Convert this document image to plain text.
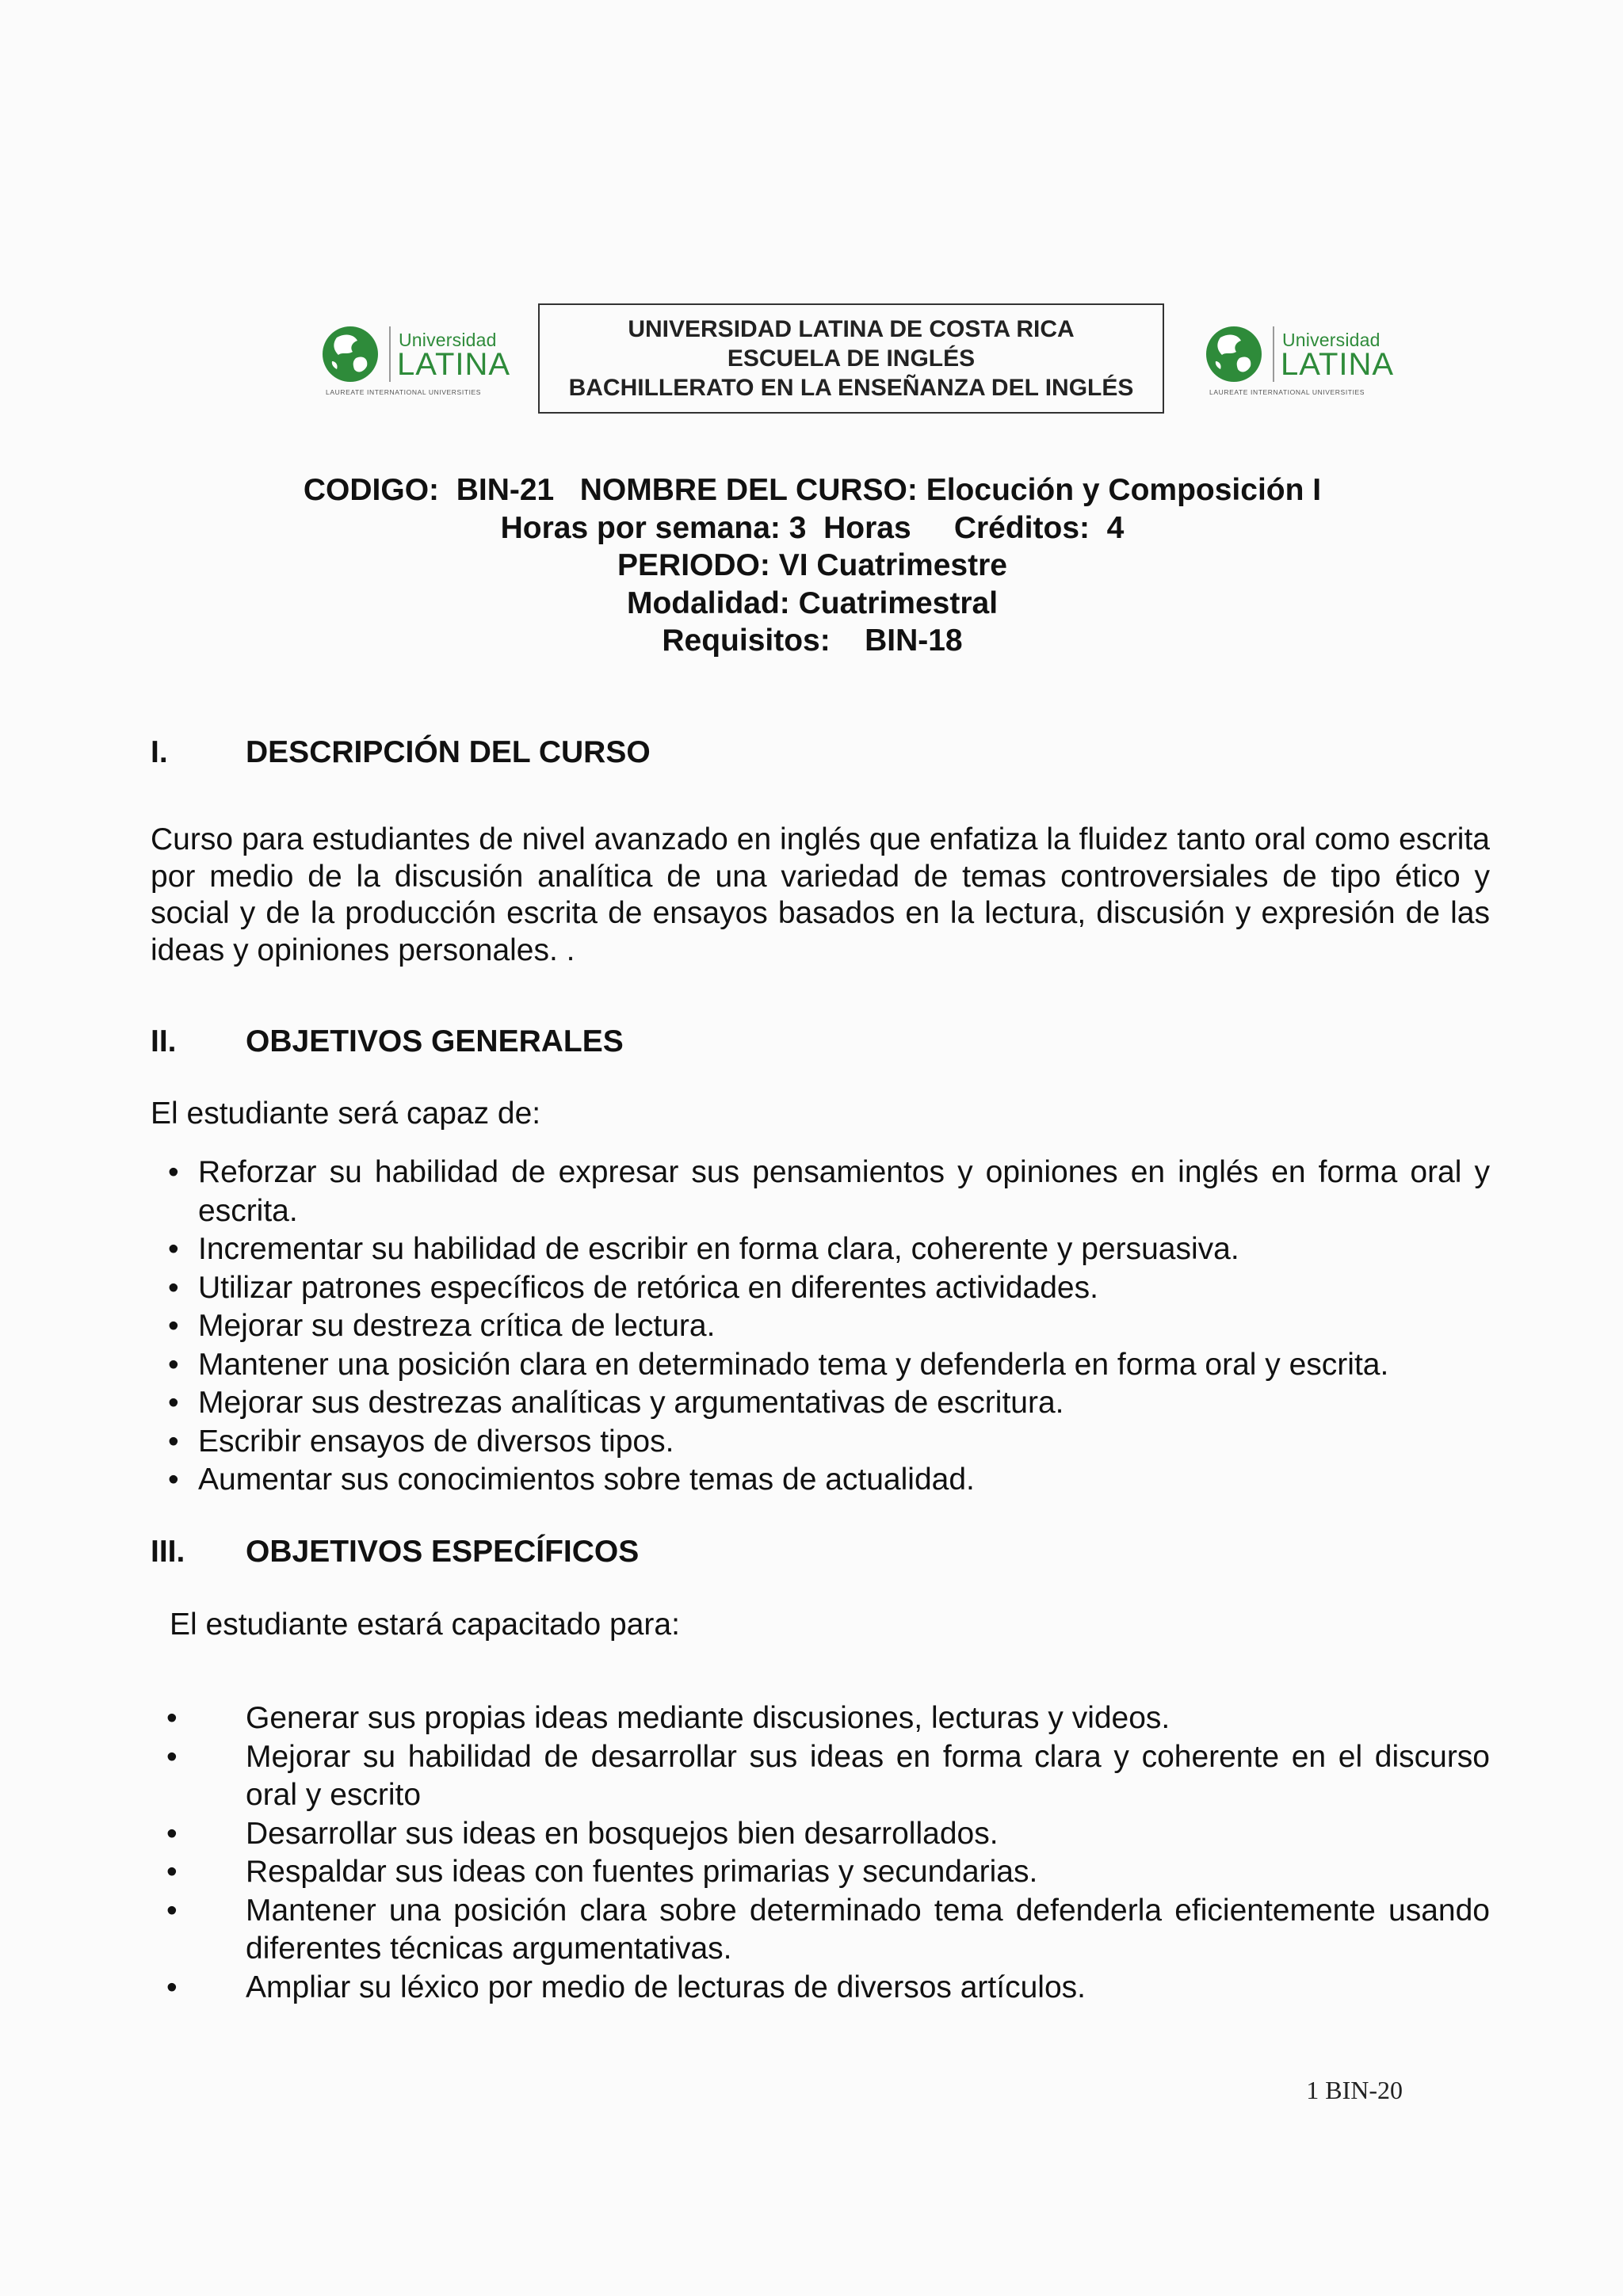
Universidad
LATINA
LAUREATE INTERNATIONAL UNIVERSITIES
UNIVERSIDAD LATINA DE COSTA RICA
ESCUELA DE INGLÉS
BACHILLERATO EN LA ENSEÑANZA DEL INGLÉS
Universidad
LATINA
LAUREATE INTERNATIONAL UNIVERSITIES
CODIGO:  BIN-21   NOMBRE DEL CURSO: Elocución y Composición I
Horas por semana: 3  Horas     Créditos:  4
PERIODO: VI Cuatrimestre
Modalidad: Cuatrimestral
Requisitos:    BIN-18
I.	DESCRIPCIÓN DEL CURSO
Curso para estudiantes de nivel avanzado en inglés que enfatiza la fluidez tanto oral como escrita por medio de la discusión analítica de una variedad de temas controversiales de tipo ético y social y de la producción escrita de ensayos basados en la lectura, discusión y expresión de las ideas y opiniones personales. .
II. OBJETIVOS GENERALES
El estudiante será capaz de:
• Reforzar su habilidad de expresar sus pensamientos y opiniones en inglés en forma oral y escrita.
• Incrementar su habilidad de escribir en forma clara, coherente y persuasiva.
• Utilizar patrones específicos de retórica en diferentes actividades.
• Mejorar su destreza crítica de lectura.
• Mantener una posición clara en determinado tema y defenderla en forma oral y escrita.
• Mejorar sus destrezas analíticas y argumentativas de escritura.
• Escribir ensayos de diversos tipos.
• Aumentar sus conocimientos sobre temas de actualidad.
III. OBJETIVOS ESPECÍFICOS
El estudiante estará capacitado para:
• Generar sus propias ideas mediante discusiones, lecturas y videos.
• Mejorar su habilidad de desarrollar sus ideas en forma clara y coherente en el discurso oral y escrito
• Desarrollar sus ideas en bosquejos bien desarrollados.
• Respaldar sus ideas con fuentes primarias y secundarias.
• Mantener una posición clara sobre determinado tema defenderla eficientemente usando diferentes técnicas argumentativas.
• Ampliar su léxico por medio de lecturas de diversos artículos.
1 BIN-20
